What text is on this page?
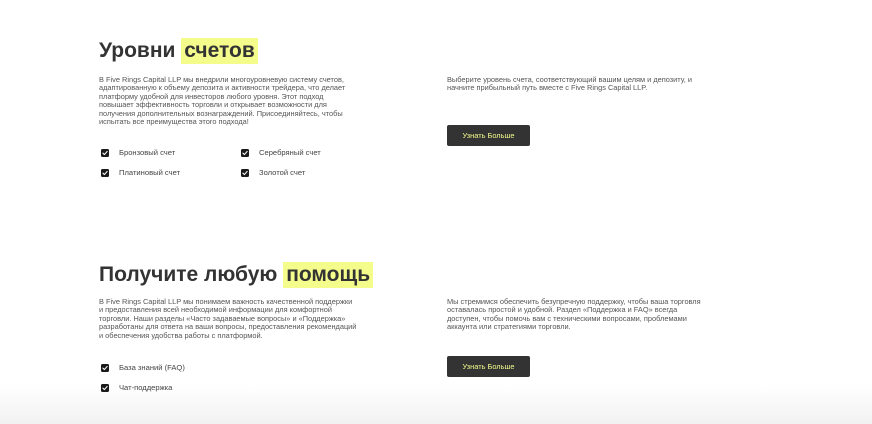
Уровни счетов

В Five Rings Capital LLP мы внедрили многоуровневую систему счетов, адаптированную к объему депозита и активности трейдера, что делает платформу удобной для инвесторов любого уровня. Этот подход повышает эффективность торговли и открывает возможности для получения дополнительных вознаграждений. Присоединяйтесь, чтобы испытать все преимущества этого подхода!

Выберите уровень счета, соответствующий вашим целям и депозиту, и начните прибыльный путь вместе с Five Rings Capital LLP.

Узнать Больше
Бронзовый счет	Серебряный счет
Платиновый счет	Золотой счет
Получите любую помощь

В Five Rings Capital LLP мы понимаем важность качественной поддержки и предоставления всей необходимой информации для комфортной торговли. Наши разделы «Часто задаваемые вопросы» и «Поддержка» разработаны для ответа на ваши вопросы, предоставления рекомендаций и обеспечения удобства работы с платформой.

Мы стремимся обеспечить безупречную поддержку, чтобы ваша торговля оставалась простой и удобной. Раздел «Поддержка и FAQ» всегда доступен, чтобы помочь вам с техническими вопросами, проблемами аккаунта или стратегиями торговли.

Узнать Больше
База знаний (FAQ)
Чат-поддержка
